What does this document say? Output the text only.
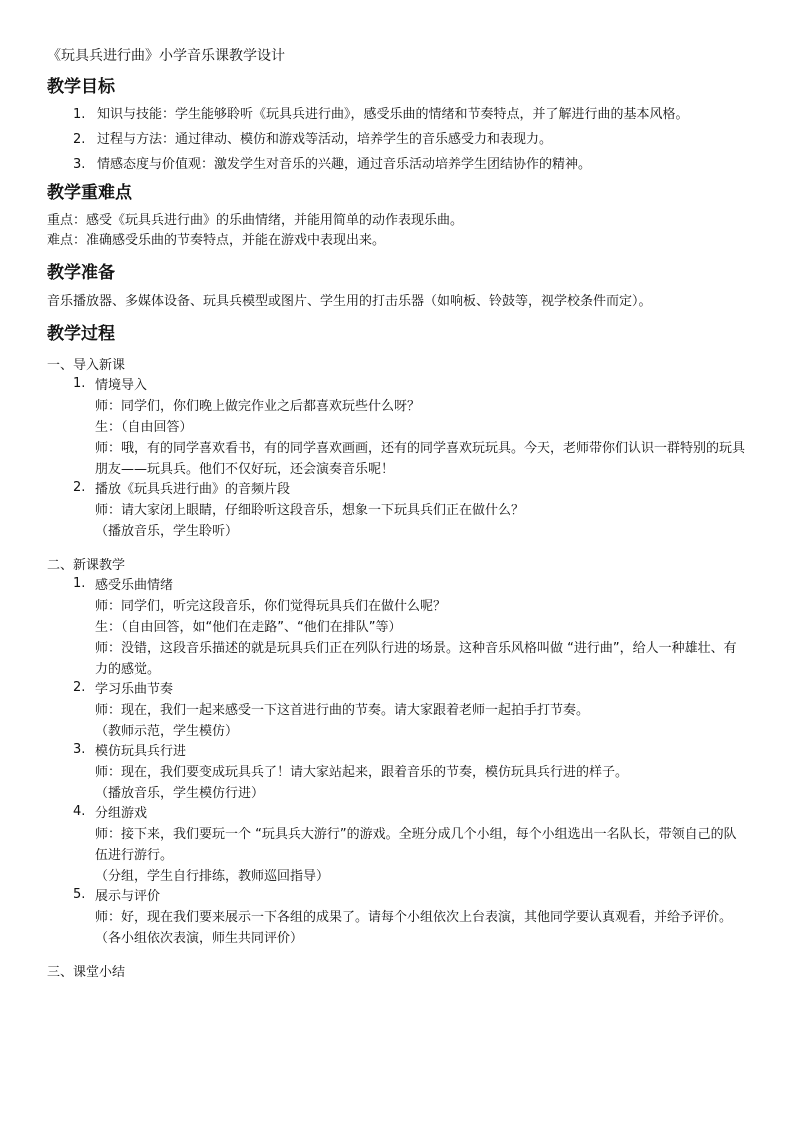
《玩具兵进行曲》小学音乐课教学设计
教学目标
1. 知识与技能：学生能够聆听《玩具兵进行曲》，感受乐曲的情绪和节奏特点，并了解进行曲的基本风格。
2. 过程与方法：通过律动、模仿和游戏等活动，培养学生的音乐感受力和表现力。
3. 情感态度与价值观：激发学生对音乐的兴趣，通过音乐活动培养学生团结协作的精神。
教学重难点
重点：感受《玩具兵进行曲》的乐曲情绪，并能用简单的动作表现乐曲。
难点：准确感受乐曲的节奏特点，并能在游戏中表现出来。
教学准备
音乐播放器、多媒体设备、玩具兵模型或图片、学生用的打击乐器（如响板、铃鼓等，视学校条件而定）。
教学过程
一、导入新课
1. 情境导入
师：同学们，你们晚上做完作业之后都喜欢玩些什么呀？
生：（自由回答）
师：哦，有的同学喜欢看书，有的同学喜欢画画，还有的同学喜欢玩玩具。今天，老师带你们认识一群特别的玩具朋友——玩具兵。他们不仅好玩，还会演奏音乐呢！
2. 播放《玩具兵进行曲》的音频片段
师：请大家闭上眼睛，仔细聆听这段音乐，想象一下玩具兵们正在做什么？
（播放音乐，学生聆听）
二、新课教学
1. 感受乐曲情绪
师：同学们，听完这段音乐，你们觉得玩具兵们在做什么呢？
生：（自由回答，如“他们在走路”、“他们在排队”等）
师：没错，这段音乐描述的就是玩具兵们正在列队行进的场景。这种音乐风格叫做 “进行曲”，给人一种雄壮、有力的感觉。
2. 学习乐曲节奏
师：现在，我们一起来感受一下这首进行曲的节奏。请大家跟着老师一起拍手打节奏。
（教师示范，学生模仿）
3. 模仿玩具兵行进
师：现在，我们要变成玩具兵了！请大家站起来，跟着音乐的节奏，模仿玩具兵行进的样子。
（播放音乐，学生模仿行进）
4. 分组游戏
师：接下来，我们要玩一个 “玩具兵大游行”的游戏。全班分成几个小组，每个小组选出一名队长，带领自己的队伍进行游行。
（分组，学生自行排练，教师巡回指导）
5. 展示与评价
师：好，现在我们要来展示一下各组的成果了。请每个小组依次上台表演，其他同学要认真观看，并给予评价。
（各小组依次表演，师生共同评价）
三、课堂小结
